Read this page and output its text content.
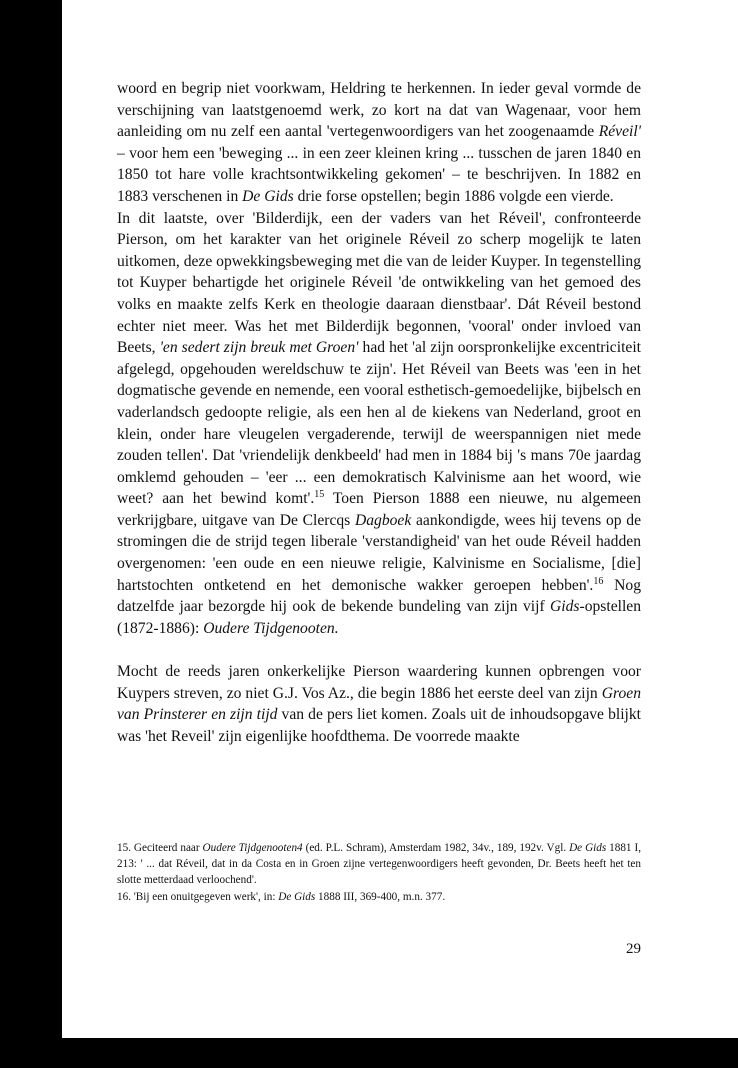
woord en begrip niet voorkwam, Heldring te herkennen. In ieder geval vormde de verschijning van laatstgenoemd werk, zo kort na dat van Wagenaar, voor hem aanleiding om nu zelf een aantal 'vertegenwoordigers van het zoogenaamde Réveil' – voor hem een 'beweging ... in een zeer kleinen kring ... tusschen de jaren 1840 en 1850 tot hare volle krachtsontwikkeling gekomen' – te beschrijven. In 1882 en 1883 verschenen in De Gids drie forse opstellen; begin 1886 volgde een vierde.

In dit laatste, over 'Bilderdijk, een der vaders van het Réveil', confronteerde Pierson, om het karakter van het originele Réveil zo scherp mogelijk te laten uitkomen, deze opwekkingsbeweging met die van de leider Kuyper. In tegenstelling tot Kuyper behartigde het originele Réveil 'de ontwikkeling van het gemoed des volks en maakte zelfs Kerk en theologie daaraan dienstbaar'. Dát Réveil bestond echter niet meer. Was het met Bilderdijk begonnen, 'vooral' onder invloed van Beets, 'en sedert zijn breuk met Groen' had het 'al zijn oorspronkelijke excentriciteit afgelegd, opgehouden wereldschuw te zijn'. Het Réveil van Beets was 'een in het dogmatische gevende en nemende, een vooral esthetisch-gemoedelijke, bijbelsch en vaderlandsch gedoopte religie, als een hen al de kiekens van Nederland, groot en klein, onder hare vleugelen vergaderende, terwijl de weerspannigen niet mede zouden tellen'. Dat 'vriendelijk denkbeeld' had men in 1884 bij 's mans 70e jaardag omklemd gehouden – 'eer ... een demokratisch Kalvinisme aan het woord, wie weet? aan het bewind komt'.$^{15}$ Toen Pierson 1888 een nieuwe, nu algemeen verkrijgbare, uitgave van De Clercqs Dagboek aankondigde, wees hij tevens op de stromingen die de strijd tegen liberale 'verstandigheid' van het oude Réveil hadden overgenomen: 'een oude en een nieuwe religie, Kalvinisme en Socialisme, [die] hartstochten ontketend en het demonische wakker geroepen hebben'.$^{16}$ Nog datzelfde jaar bezorgde hij ook de bekende bundeling van zijn vijf Gids-opstellen (1872-1886): Oudere Tijdgenooten.

Mocht de reeds jaren onkerkelijke Pierson waardering kunnen opbrengen voor Kuypers streven, zo niet G.J. Vos Az., die begin 1886 het eerste deel van zijn Groen van Prinsterer en zijn tijd van de pers liet komen. Zoals uit de inhoudsopgave blijkt was 'het Reveil' zijn eigenlijke hoofdthema. De voorrede maakte

15. Geciteerd naar Oudere Tijdgenooten4 (ed. P.L. Schram), Amsterdam 1982, 34v., 189, 192v. Vgl. De Gids 1881 I, 213: ' ... dat Réveil, dat in da Costa en in Groen zijne vertegenwoordigers heeft gevonden, Dr. Beets heeft het ten slotte metterdaad verloochend'.

16. 'Bij een onuitgegeven werk', in: De Gids 1888 III, 369-400, m.n. 377.

29
